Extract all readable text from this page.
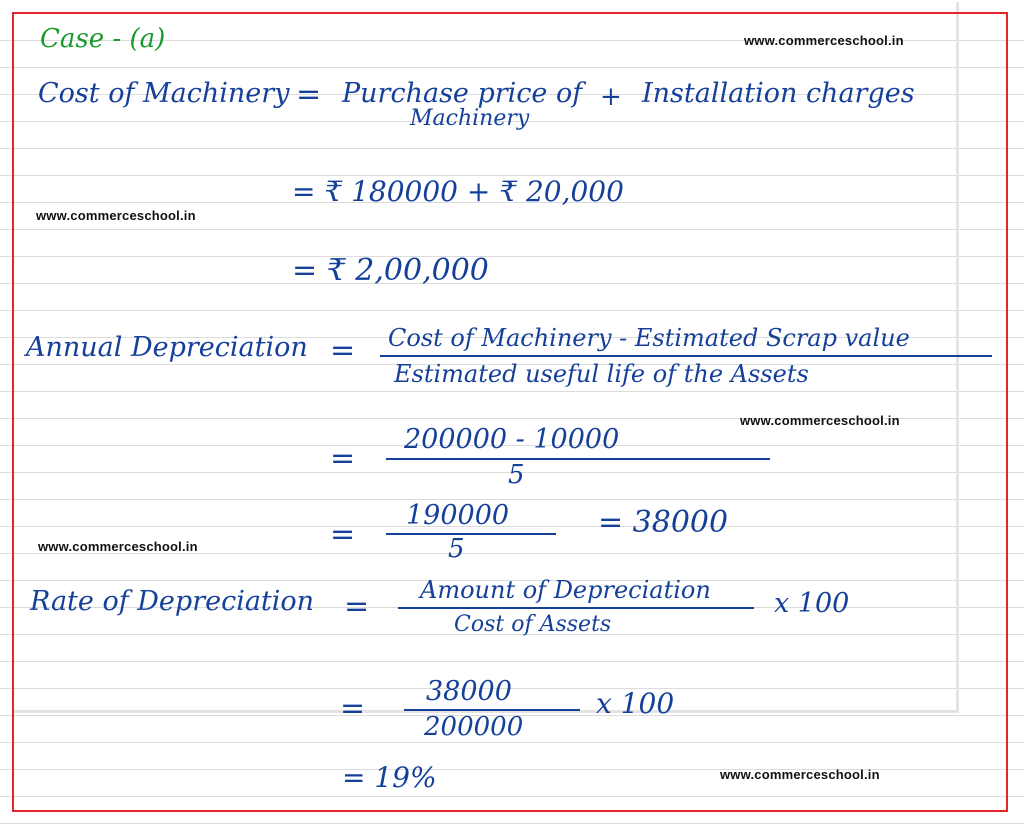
Case - (a)	www.commerceschool.in
www.commerceschool.in
www.commerceschool.in
www.commerceschool.in
www.commerceschool.in
Cost of Machinery = Purchase price of
Machinery
+ Installation charges
= ₹ 180000 + ₹ 20,000
= ₹ 2,00,000
Annual Depreciation = Cost of Machinery - Estimated Scrap value
Estimated useful life of the Assets
=
200000 - 10000
5
=
190000
5
= 38000
Rate of Depreciation = Amount of Depreciation
Cost of Assets
x 100
= 38000
200000
x 100
= 19%
